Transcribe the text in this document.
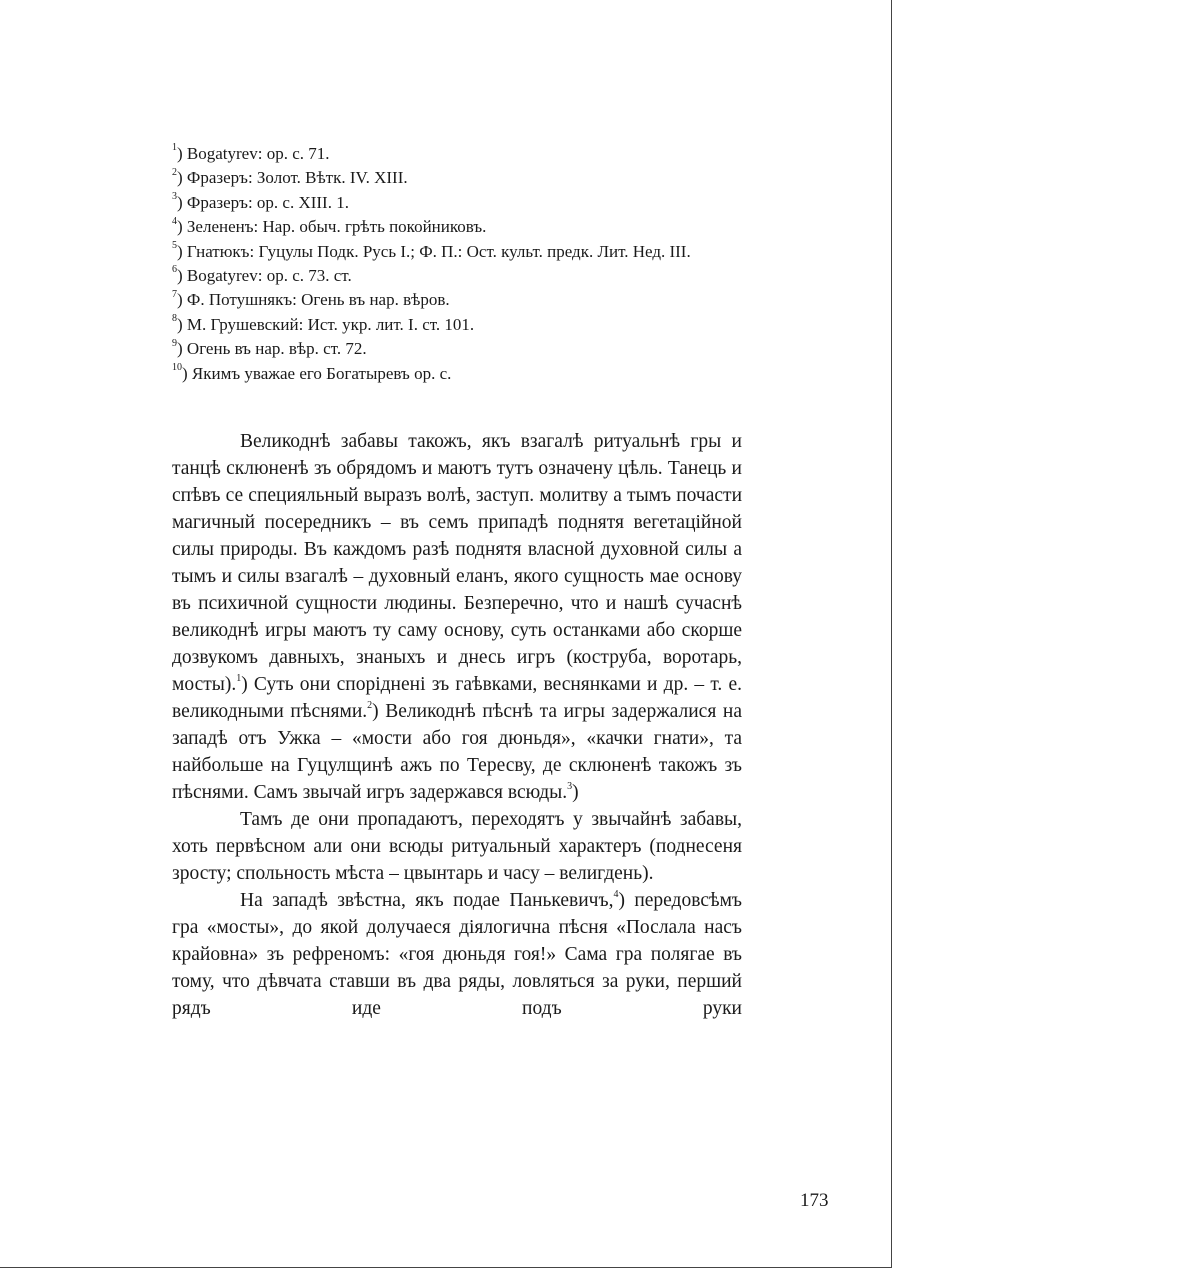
$^1$) Bogatyrev: op. c. 71.
$^2$) Фразеръ: Золот. Вѣтк. IV. XIII.
$^3$) Фразеръ: op. c. XIII. 1.
$^4$) Зелененъ: Нар. обыч. грѣть покойниковъ.
$^5$) Гнатюкъ: Гуцулы Подк. Русь I.; Ф. П.: Ост. культ. предк. Лит. Нед. III.
$^6$) Bogatyrev: op. c. 73. ст.
$^7$) Ф. Потушнякъ: Огень въ нар. вѣров.
$^8$) М. Грушевский: Ист. укр. лит. I. ст. 101.
$^9$) Огень въ нар. вѣр. ст. 72.
$^{10}$) Якимъ уважае его Богатыревъ op. c.

Великоднѣ забавы такожъ, якъ взагалѣ ритуальнѣ гры и танцѣ склюненѣ зъ обрядомъ и маютъ тутъ означену цѣль. Танець и спѣвъ се специяльный выразъ волѣ, заступ. молитву а тымъ почасти магичный посередникъ – въ семъ припадѣ поднятя вегетацiйной силы природы. Въ каждомъ разѣ поднятя власной духовной силы а тымъ и силы взагалѣ – духовный еланъ, якого сущность мае основу въ психичной сущности людины. Безперечно, что и нашѣ сучаснѣ великоднѣ игры маютъ ту саму основу, суть останками або скорше дозвукомъ давныхъ, знаныхъ и днесь игръ (коструба, воротарь, мосты).$^1$) Суть они споріднені зъ гаѣвками, веснянками и др. – т. е. великодными пѣснями.$^2$) Великоднѣ пѣснѣ та игры задержалися на западѣ отъ Ужка – «мости або гоя дюньдя», «качки гнати», та найбольше на Гуцулщинѣ ажъ по Тересву, де склюненѣ такожъ зъ пѣснями. Самъ звычай игръ задержався всюды.$^3$)

Тамъ де они пропадаютъ, переходятъ у звычайнѣ забавы, хоть первѣсном али они всюды ритуальный характеръ (поднесеня зросту; спольность мѣста – цвынтарь и часу – велигдень).

На западѣ звѣстна, якъ подае Панькевичъ,$^4$) передовсѣмъ гра «мосты», до якой долучаеся дiялогична пѣсня «Послала насъ крайовна» зъ рефреномъ: «гоя дюньдя гоя!» Сама гра полягае въ тому, что дѣвчата ставши въ два ряды, ловляться за руки, перший рядъ иде подъ руки

173
